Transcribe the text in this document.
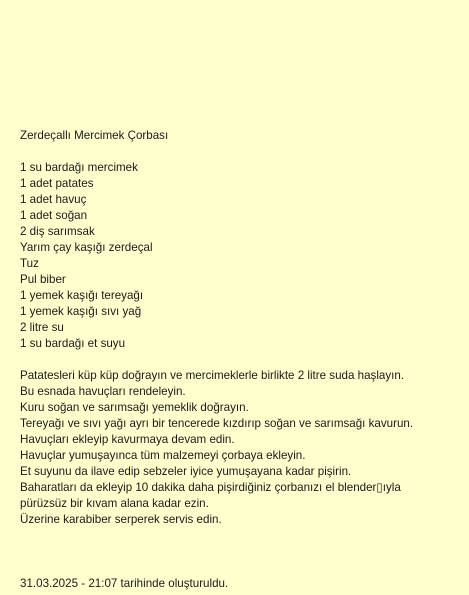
Zerdeçallı Mercimek Çorbası
1 su bardağı mercimek
1 adet patates
1 adet havuç
1 adet soğan
2 diş sarımsak
Yarım çay kaşığı zerdeçal
Tuz
Pul biber
1 yemek kaşığı tereyağı
1 yemek kaşığı sıvı yağ
2 litre su
1 su bardağı et suyu
Patatesleri küp küp doğrayın ve mercimeklerle birlikte 2 litre suda haşlayın.
Bu esnada havuçları rendeleyin.
Kuru soğan ve sarımsağı yemeklik doğrayın.
Tereyağı ve sıvı yağı ayrı bir tencerede kızdırıp soğan ve sarımsağı kavurun.
Havuçları ekleyip kavurmaya devam edin.
Havuçlar yumuşayınca tüm malzemeyi çorbaya ekleyin.
Et suyunu da ilave edip sebzeler iyice yumuşayana kadar pişirin.
Baharatları da ekleyip 10 dakika daha pişirdiğiniz çorbanızı el blender▯ıyla
pürüzsüz bir kıvam alana kadar ezin.
Üzerine karabiber serperek servis edin.
31.03.2025 - 21:07 tarihinde oluşturuldu.
